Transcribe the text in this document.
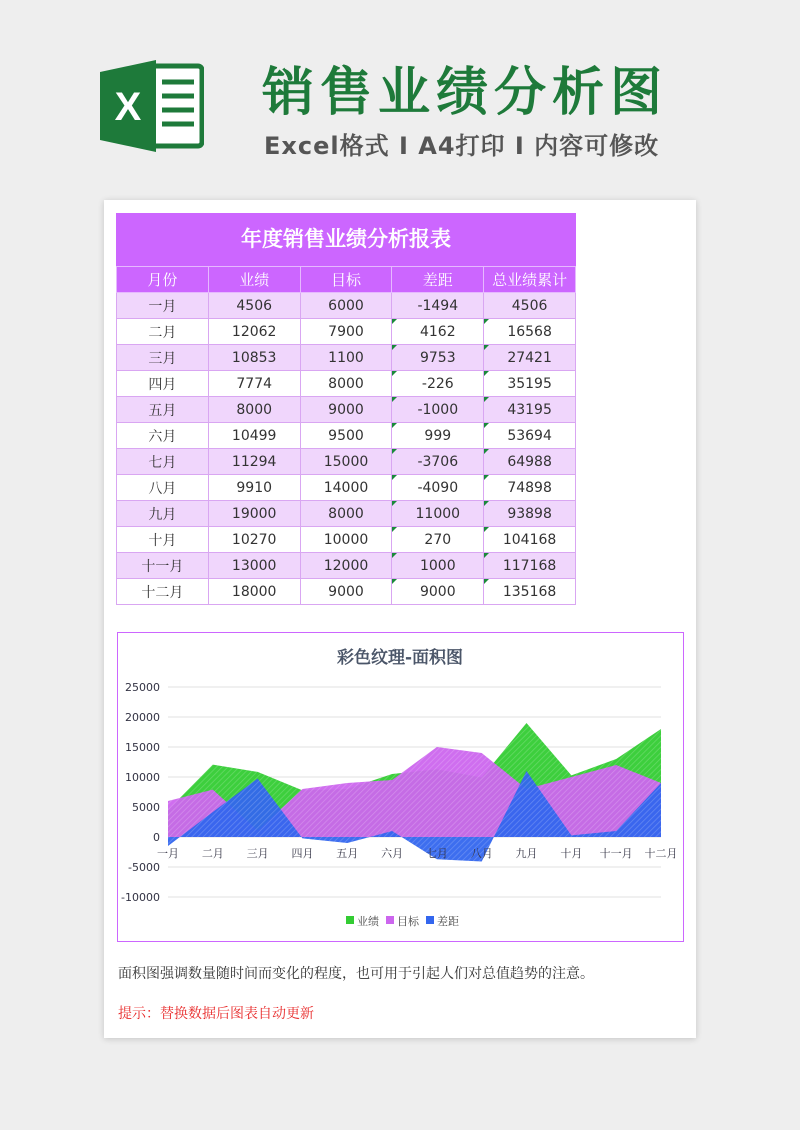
X 销售业绩分析图
Excel格式 I A4打印 I 内容可修改
年度销售业绩分析报表
月份	业绩	目标	差距	总业绩累计
一月	4506	6000	-1494	4506
二月	12062	7900	4162	16568
三月	10853	1100	9753	27421
四月	7774	8000	-226	35195
五月	8000	9000	-1000	43195
六月	10499	9500	999	53694
七月	11294	15000	-3706	64988
八月	9910	14000	-4090	74898
九月	19000	8000	11000	93898
十月	10270	10000	270	104168
十一月	13000	12000	1000	117168
十二月	18000	9000	9000	135168
彩色纹理-面积图
25000
20000
15000
10000
5000
0
-5000
-10000
一月 二月 三月 四月 五月 六月 七月 八月 九月 十月 十一月 十二月
业绩 目标 差距
面积图强调数量随时间而变化的程度，也可用于引起人们对总值趋势的注意。
提示：替换数据后图表自动更新
